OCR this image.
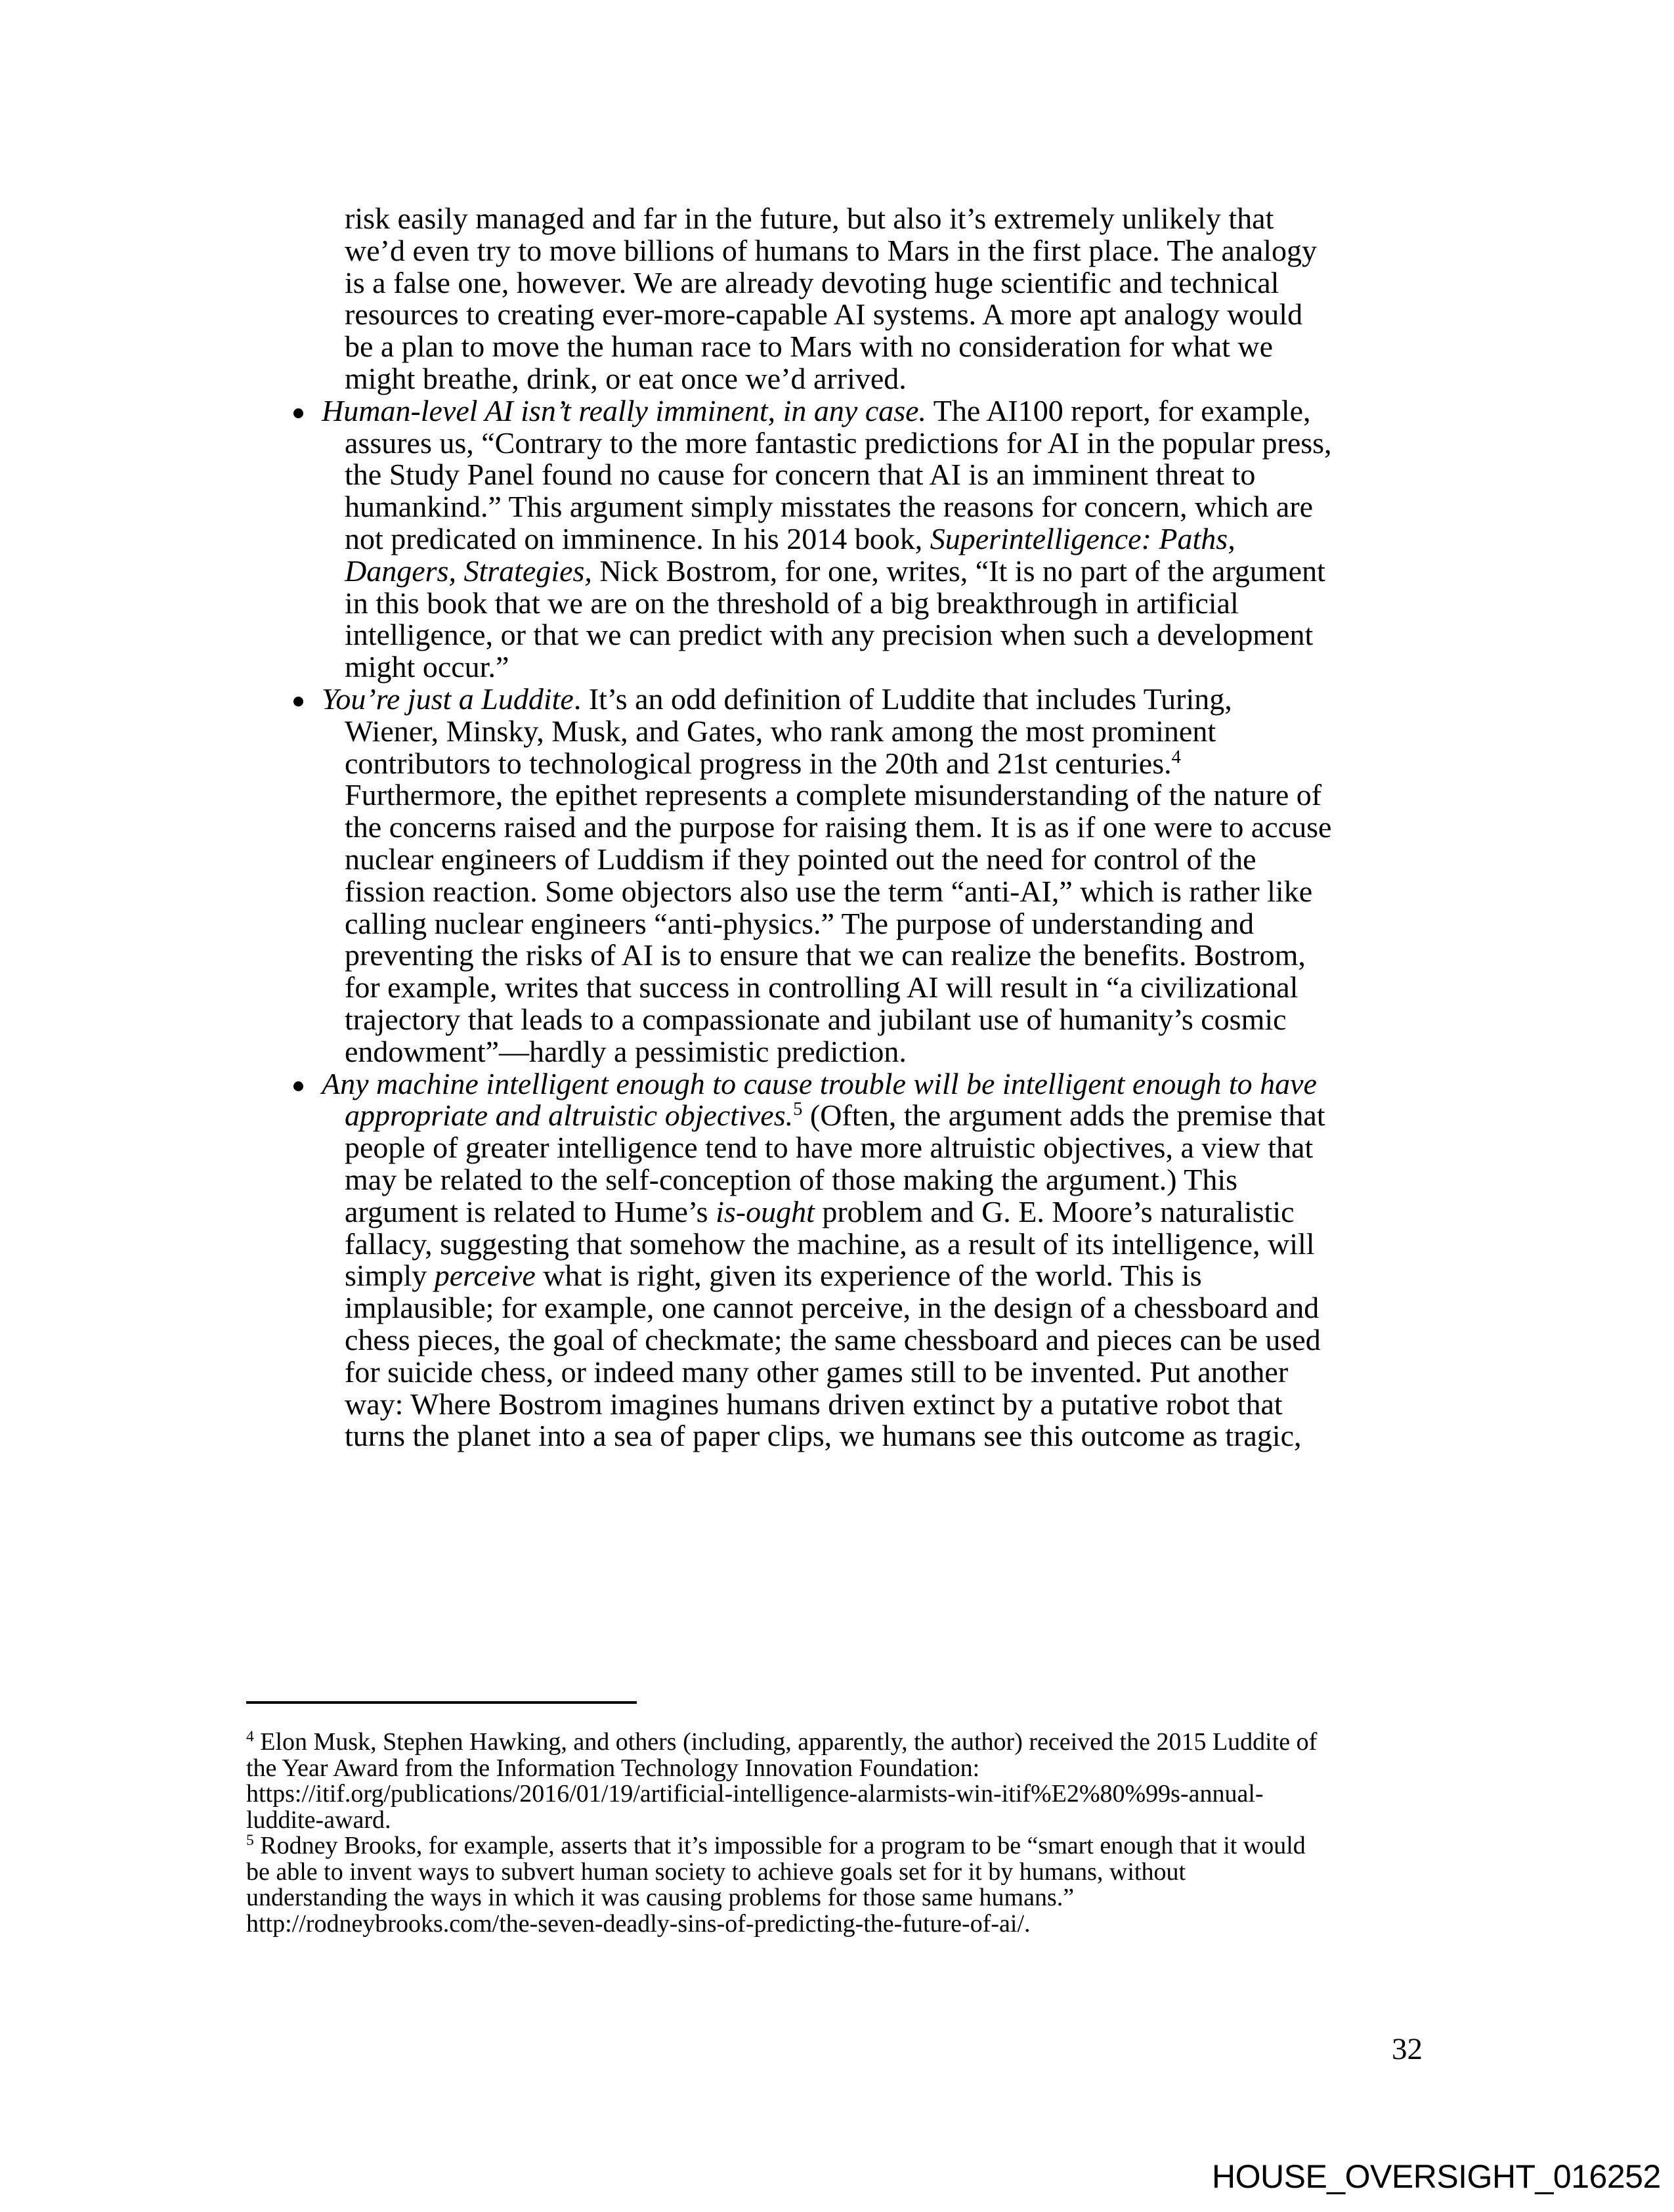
risk easily managed and far in the future, but also it’s extremely unlikely that
we’d even try to move billions of humans to Mars in the first place. The analogy
is a false one, however. We are already devoting huge scientific and technical
resources to creating ever-more-capable AI systems. A more apt analogy would
be a plan to move the human race to Mars with no consideration for what we
might breathe, drink, or eat once we’d arrived.
Human-level AI isn’t really imminent, in any case. The AI100 report, for example,
assures us, “Contrary to the more fantastic predictions for AI in the popular press,
the Study Panel found no cause for concern that AI is an imminent threat to
humankind.” This argument simply misstates the reasons for concern, which are
not predicated on imminence. In his 2014 book, Superintelligence: Paths,
Dangers, Strategies, Nick Bostrom, for one, writes, “It is no part of the argument
in this book that we are on the threshold of a big breakthrough in artificial
intelligence, or that we can predict with any precision when such a development
might occur.”
You’re just a Luddite. It’s an odd definition of Luddite that includes Turing,
Wiener, Minsky, Musk, and Gates, who rank among the most prominent
contributors to technological progress in the 20th and 21st centuries.$^4$
Furthermore, the epithet represents a complete misunderstanding of the nature of
the concerns raised and the purpose for raising them. It is as if one were to accuse
nuclear engineers of Luddism if they pointed out the need for control of the
fission reaction. Some objectors also use the term “anti-AI,” which is rather like
calling nuclear engineers “anti-physics.” The purpose of understanding and
preventing the risks of AI is to ensure that we can realize the benefits. Bostrom,
for example, writes that success in controlling AI will result in “a civilizational
trajectory that leads to a compassionate and jubilant use of humanity’s cosmic
endowment”—hardly a pessimistic prediction.
Any machine intelligent enough to cause trouble will be intelligent enough to have
appropriate and altruistic objectives.$^5$ (Often, the argument adds the premise that
people of greater intelligence tend to have more altruistic objectives, a view that
may be related to the self-conception of those making the argument.) This
argument is related to Hume’s is-ought problem and G. E. Moore’s naturalistic
fallacy, suggesting that somehow the machine, as a result of its intelligence, will
simply perceive what is right, given its experience of the world. This is
implausible; for example, one cannot perceive, in the design of a chessboard and
chess pieces, the goal of checkmate; the same chessboard and pieces can be used
for suicide chess, or indeed many other games still to be invented. Put another
way: Where Bostrom imagines humans driven extinct by a putative robot that
turns the planet into a sea of paper clips, we humans see this outcome as tragic,
$^4$ Elon Musk, Stephen Hawking, and others (including, apparently, the author) received the 2015 Luddite of
the Year Award from the Information Technology Innovation Foundation:
https://itif.org/publications/2016/01/19/artificial-intelligence-alarmists-win-itif%E2%80%99s-annual-
luddite-award.
$^5$ Rodney Brooks, for example, asserts that it’s impossible for a program to be “smart enough that it would
be able to invent ways to subvert human society to achieve goals set for it by humans, without
understanding the ways in which it was causing problems for those same humans.”
http://rodneybrooks.com/the-seven-deadly-sins-of-predicting-the-future-of-ai/.
32
HOUSE_OVERSIGHT_016252
